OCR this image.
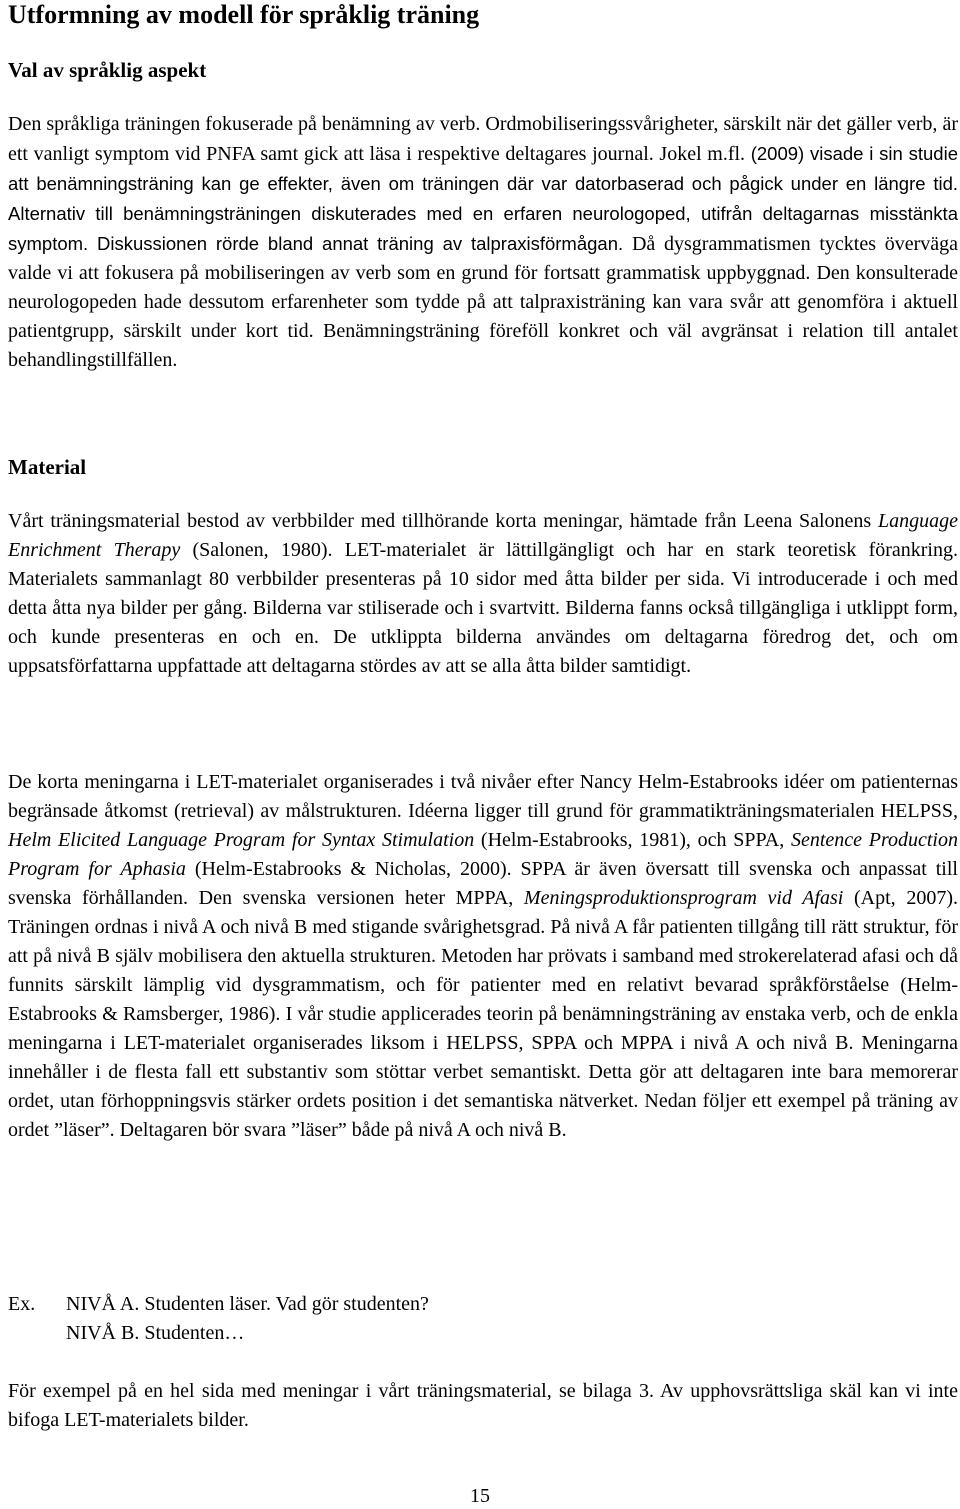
Utformning av modell för språklig träning
Val av språklig aspekt

Den språkliga träningen fokuserade på benämning av verb. Ordmobiliseringssvårigheter, särskilt när det gäller verb, är ett vanligt symptom vid PNFA samt gick att läsa i respektive deltagares journal. Jokel m.fl. (2009) visade i sin studie att benämningsträning kan ge effekter, även om träningen där var datorbaserad och pågick under en längre tid. Alternativ till benämningsträningen diskuterades med en erfaren neurologoped, utifrån deltagarnas misstänkta symptom. Diskussionen rörde bland annat träning av talpraxisförmågan. Då dysgrammatismen tycktes överväga valde vi att fokusera på mobiliseringen av verb som en grund för fortsatt grammatisk uppbyggnad. Den konsulterade neurologopeden hade dessutom erfarenheter som tydde på att talpraxisträning kan vara svår att genomföra i aktuell patientgrupp, särskilt under kort tid. Benämningsträning föreföll konkret och väl avgränsat i relation till antalet behandlingstillfällen.

Material

Vårt träningsmaterial bestod av verbbilder med tillhörande korta meningar, hämtade från Leena Salonens Language Enrichment Therapy (Salonen, 1980). LET-materialet är lättillgängligt och har en stark teoretisk förankring. Materialets sammanlagt 80 verbbilder presenteras på 10 sidor med åtta bilder per sida. Vi introducerade i och med detta åtta nya bilder per gång. Bilderna var stiliserade och i svartvitt. Bilderna fanns också tillgängliga i utklippt form, och kunde presenteras en och en. De utklippta bilderna användes om deltagarna föredrog det, och om uppsatsförfattarna uppfattade att deltagarna stördes av att se alla åtta bilder samtidigt.

De korta meningarna i LET-materialet organiserades i två nivåer efter Nancy Helm-Estabrooks idéer om patienternas begränsade åtkomst (retrieval) av målstrukturen. Idéerna ligger till grund för grammatikträningsmaterialen HELPSS, Helm Elicited Language Program for Syntax Stimulation (Helm-Estabrooks, 1981), och SPPA, Sentence Production Program for Aphasia (Helm-Estabrooks & Nicholas, 2000). SPPA är även översatt till svenska och anpassat till svenska förhållanden. Den svenska versionen heter MPPA, Meningsproduktionsprogram vid Afasi (Apt, 2007). Träningen ordnas i nivå A och nivå B med stigande svårighetsgrad. På nivå A får patienten tillgång till rätt struktur, för att på nivå B själv mobilisera den aktuella strukturen. Metoden har prövats i samband med strokerelaterad afasi och då funnits särskilt lämplig vid dysgrammatism, och för patienter med en relativt bevarad språkförståelse (Helm-Estabrooks & Ramsberger, 1986). I vår studie applicerades teorin på benämningsträning av enstaka verb, och de enkla meningarna i LET-materialet organiserades liksom i HELPSS, SPPA och MPPA i nivå A och nivå B. Meningarna innehåller i de flesta fall ett substantiv som stöttar verbet semantiskt. Detta gör att deltagaren inte bara memorerar ordet, utan förhoppningsvis stärker ordets position i det semantiska nätverket. Nedan följer ett exempel på träning av ordet ”läser”. Deltagaren bör svara ”läser” både på nivå A och nivå B.

Ex.	NIVÅ A. Studenten läser. Vad gör studenten?
NIVÅ B. Studenten…

För exempel på en hel sida med meningar i vårt träningsmaterial, se bilaga 3. Av upphovsrättsliga skäl kan vi inte bifoga LET-materialets bilder.

15
